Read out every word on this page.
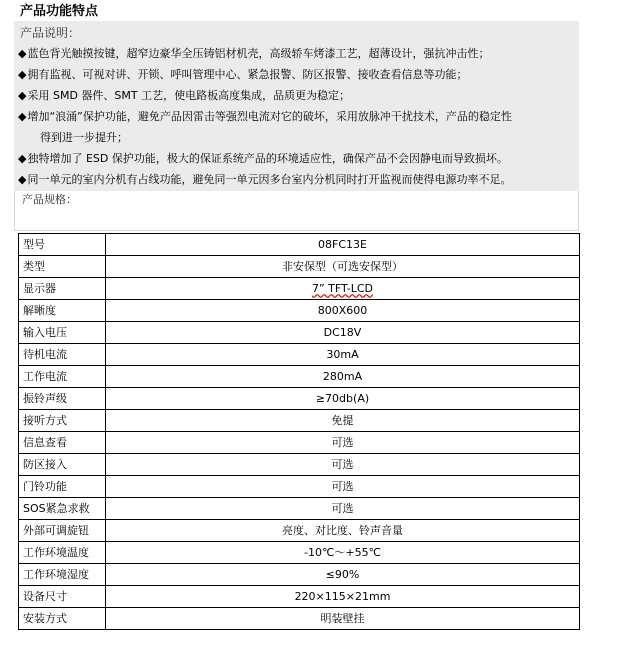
产品功能特点
产品说明：
◆蓝色背光触摸按键，超窄边豪华全压铸铝材机壳，高级轿车烤漆工艺，超薄设计，强抗冲击性；
◆拥有监视、可视对讲、开锁、呼叫管理中心、紧急报警、防区报警、接收查看信息等功能；
◆采用 SMD 器件、SMT 工艺，使电路板高度集成，品质更为稳定；
◆增加“浪涌”保护功能，避免产品因雷击等强烈电流对它的破坏，采用放脉冲干扰技术，产品的稳定性
得到进一步提升；
◆独特增加了 ESD 保护功能，极大的保证系统产品的环境适应性，确保产品不会因静电而导致损坏。
◆同一单元的室内分机有占线功能，避免同一单元因多台室内分机同时打开监视而使得电源功率不足。
产品规格：
型号	08FC13E
类型	非安保型（可选安保型）
显示器	7” TFT-LCD
解晰度	800X600
输入电压	DC18V
待机电流	30mA
工作电流	280mA
振铃声级	≥70db(A)
接听方式	免提
信息查看	可选
防区接入	可选
门铃功能	可选
SOS紧急求救	可选
外部可调旋钮	亮度、对比度、铃声音量
工作环境温度	-10℃～+55℃
工作环境湿度	≤90%
设备尺寸	220×115×21mm
安装方式	明装壁挂
